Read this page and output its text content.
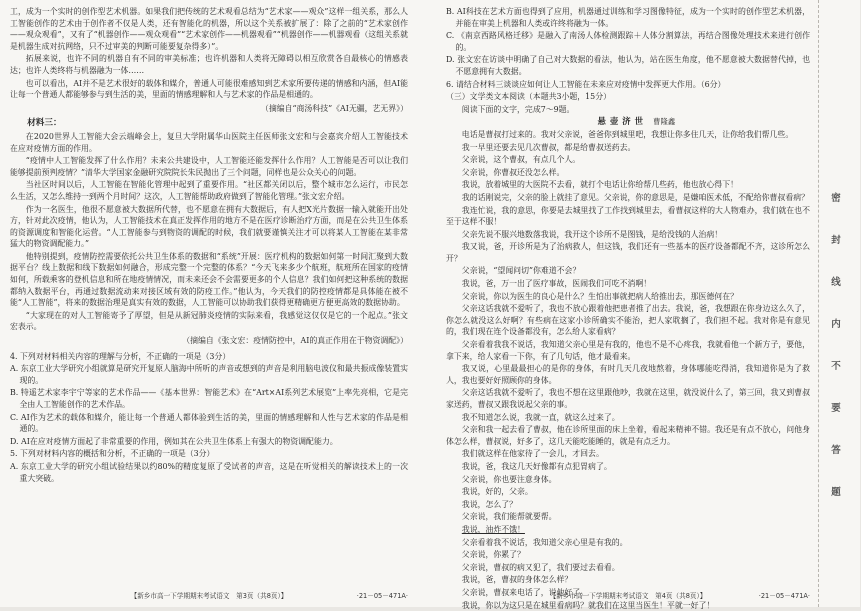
工，成为一个实时的创作型艺术机器。如果我们把传统的艺术观看总结为“艺术家——观众”这样一组关系，那么人工智能创作的艺术由于创作者不仅是人类，还有智能化的机器，所以这个关系被扩展了：除了之前的“艺术家创作——观众观看”，又有了“机器创作——观众观看”“艺术家创作——机器观看”“机器创作——机器观看（这组关系就是机器生成对抗网络，只不过审美的判断可能要复杂得多）”。

拓展来说，也许不同的机器自有不同的审美标准；也许机器和人类将无障碍以相互欣赏各自最核心的情感表达；也许人类终将与机器融为一体……

也可以看出，AI并不是艺术很好的载体和媒介，普通人可能很难感知到艺术家所要传递的情感和内涵，但AI能让每一个普通人都能够参与到生活的美，里面的情感理解和人与艺术家的作品是相通的。

（摘编自“商汤科技”《AI无疆，艺无界》）

材料三：

在2020世界人工智能大会云端峰会上，复旦大学附属华山医院主任医师张文宏和与会嘉宾介绍人工智能技术在应对疫情方面的作用。

“疫情中人工智能发挥了什么作用？未来公共建设中，人工智能还能发挥什么作用？人工智能是否可以让我们能够提前预判疫情？”清华大学国家金融研究院院长朱民抛出了三个问题，同样也是公众关心的问题。

当社区时间以后，人工智能在智能化管理中起到了重要作用。“社区都关闭以后，整个城市怎么运行，市民怎么生活，又怎么维持一到两个月时间？这次，人工智能帮助政府做到了智能化管理。”张文宏介绍。

作为一名医生，他很不愿意被大数据所代替，也不愿意在拥有大数据后，有人把X光片数据一输入就能开出处方，针对此次疫情，他认为，人工智能技术在真正发挥作用的地方不是在医疗诊断治疗方面，而是在公共卫生体系的资源调度和智能化运营。“人工智能参与到物资的调配的时候，我们就要谨慎关注才可以将某人工智能在某非常猛大的物资调配能力。”

他特别提到，疫情防控需要依托公共卫生体系的数据和“系统”开展：医疗机构的数据如何第一时间汇聚到大数据平台？线上数据和线下数据如何融合，形成完整一个完整的体系？“今天飞来多少个航班，航班所在国家的疫情如何，所载乘客的登机信息和所在地疫情情况，而未来还会不会需要更多的个人信息？我们如何把这种系统的数据都纳入数据平台，再通过数据流动来对接区域有效的防疫工作。”他认为，今天我们的防控疫情都是具体能在被不能“人工智能”，将来的数据治理是真实有效的数据，人工智能可以协助我们获得更精确更方便更高效的数据协助。

“大家现在的对人工智能寄予了厚望，但是从新冠肺炎疫情的实际来看，我感觉这仅仅是它的一个起点。”张文宏表示。

（摘编自《张文宏：疫情防控中，AI的真正作用在于物资调配》）

4. 下列对材料相关内容的理解与分析，不正确的一项是（3分）

A. 东京工业大学研究小组就算是研究开复原人脑海中所听的声音或想到的声音是利用脑电波仪和最共振成像装置实现的。

B. 特遥艺术家李宇宁等家的艺术作品——《基本世界：智能艺术》在“Art×AI系列艺术展览”上率先亮相，它是完全由人工智能创作的艺术作品。

C. AI作为艺术的载体和媒介，能让每一个普通人都体验到生活的美，里面的情感理解和人性与艺术家的作品是相通的。

D. AI在应对疫情方面起了非常重要的作用，例如其在公共卫生体系上有强大的物资调配能力。

5. 下列对材料内容的概括和分析，不正确的一项是（3分）

A. 东京工业大学的研究小组试验结果以约80%的精度复原了受试者的声音，这是在听觉相关的解读技术上的一次重大突破。

【新乡市高一下学期期末考试语文　第3页（共8页）】	·21－05－471A·

B. AI科技在艺术方面也得到了应用，机器通过训练和学习图像特征，成为一个实时的创作型艺术机器，并能在审美上机器和人类或许终将融为一体。

C. 《南京西路风格迁移》是融入了南汤人体检测跟踪＋人体分割算法，再结合图像处理技术来进行创作的。

D. 张文宏在访谈中明确了自己对大数据的看法，他认为，站在医生角度，他不愿意被大数据替代掉，也不愿意拥有大数据。

6. 请结合材料三谈谈应如何让人工智能在未来应对疫情中发挥更大作用。（6分）

（三）文学类文本阅读（本题共3小题，15分）

阅读下面的文字，完成7～9题。

悬壶济世 曹隆鑫

电话是曹叔打过来的。我对父亲说，爸爸你到城里吧，我想让你多住几天，让你给我们帮几些。

我一早里还要去见几次曹叔，都是给曹叔送药去。

父亲说，这个曹叔，有点几个人。

父亲说，你曹叔还没怎么样。

我说，放着城里的大医院不去看，就打个电话让你给帮几些药，他也放心得下！

我的话刚说完，父亲的脸上就挂了意见。父亲说，你的意思是，是嫌咱医术低，不配给你曹叔看病？

我连忙说，我的意思，你要是去城里找了工作找到城里去，看曹叔这样的大人物难办，我们就在也不至于这样不服！

父亲先说不服兴地数落我说，我开这个诊所不是图钱，是给没钱的人治病！

我又说，爸，开诊所是为了治病救人，但这钱，我们还有一些基本的医疗设备都配不齐，这诊所怎么开？

父亲说，“望闻问切”你难道不会？

我说，爸，万一出了医疗事故，医闹我们可吃不消啊！

父亲说，你以为医生的良心是什么？生怕出事就把病人给推出去，那医德何在？

父亲这话我就不爱听了，我也不放心跟着他把患者推了出去。我说，爸，我想跟在你身边这么久了，你怎么就没这么好啊？有些病在这家小诊所确实不能治，把人家耽搁了，我们担不起。我对你是有意见的，我们现在连个设备都没有，怎么给人家看病？

父亲看着我我不说话，我知道父亲心里是有我的，他也不是不心疼我，我就看他一个新方子，要他，拿下来，给人家看一下你，有了几句话，他才最看来。

我又说，心里最最担心的是你的身体，有时几天几夜地熬着，身体哪能吃得消，我知道你是为了救人，我也要好好照顾你的身体。

父亲这话我就不爱听了，我也不想在这里跟他吵，我就在这里，就没说什么了，第三回，我又到曹叔家送药，曹叔又跟我说起父亲的事。

我不知道怎么说，我就一直，就这么过来了。

父亲和我一起去看了曹叔，他在诊所里面的床上坐着，看起来精神不错。我还是有点不放心，问他身体怎么样，曹叔说，好多了，这几天能吃能睡的，就是有点乏力。

我们就这样在他家待了一会儿，才回去。

我说，爸，我这几天好像都有点犯胃病了。

父亲说，你也要注意身体。

我说，好的，父亲。

我说，怎么了？

父亲说，我们能帮就要帮。

我说，油炸不饿！

父亲看着我不说话，我知道父亲心里是有我的。

父亲说，你累了？

父亲说，曹叔的病又犯了，我们要过去看看。

我说，爸，曹叔的身体怎么样？

父亲说，曹叔来电话了，说他好了。

我说，你以为这只是在城里看病吗？就我们在这里当医生！平就一好了！

【新乡市高一下学期期末考试语文　第4页（共8页）】	·21－05－471A·
密
封
线
内
不
要
答
题
